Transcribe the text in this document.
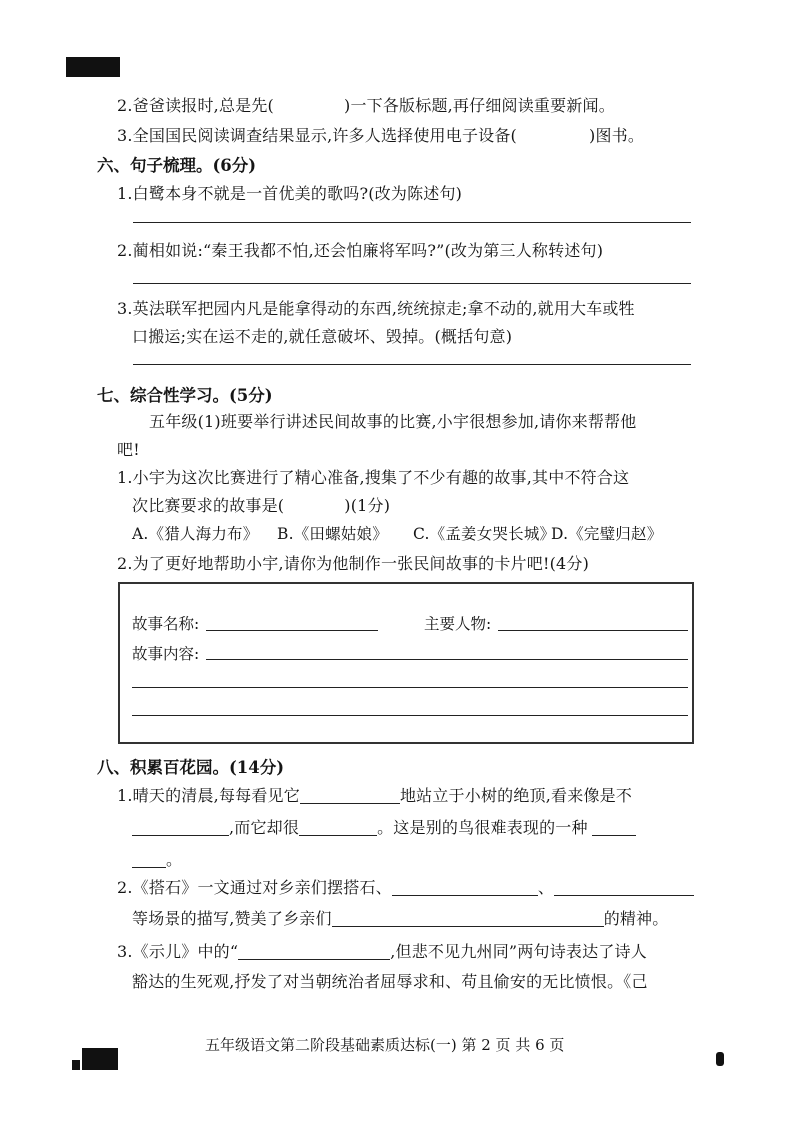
2.爸爸读报时,总是先(	)一下各版标题,再仔细阅读重要新闻。
3.全国国民阅读调查结果显示,许多人选择使用电子设备(	)图书。
六、句子梳理。(6分)
1.白鹭本身不就是一首优美的歌吗?(改为陈述句)
2.蔺相如说:“秦王我都不怕,还会怕廉将军吗?”(改为第三人称转述句)
3.英法联军把园内凡是能拿得动的东西,统统掠走;拿不动的,就用大车或牲
口搬运;实在运不走的,就任意破坏、毁掉。(概括句意)
七、综合性学习。(5分)
五年级(1)班要举行讲述民间故事的比赛,小宇很想参加,请你来帮帮他
吧!
1.小宇为这次比赛进行了精心准备,搜集了不少有趣的故事,其中不符合这
次比赛要求的故事是(	)(1分)
A.《猎人海力布》 B.《田螺姑娘》 C.《孟姜女哭长城》D.《完璧归赵》
2.为了更好地帮助小宇,请你为他制作一张民间故事的卡片吧!(4分)
故事名称:	主要人物:
故事内容:
八、积累百花园。(14分)
1.晴天的清晨,每每看见它	地站立于小树的绝顶,看来像是不
,而它却很	。这是别的鸟很难表现的一种
。
2.《搭石》一文通过对乡亲们摆搭石、	、
等场景的描写,赞美了乡亲们	的精神。
3.《示儿》中的“	,但悲不见九州同”两句诗表达了诗人
豁达的生死观,抒发了对当朝统治者屈辱求和、苟且偷安的无比愤恨。《己
五年级语文第二阶段基础素质达标(一) 第 2 页 共 6 页
